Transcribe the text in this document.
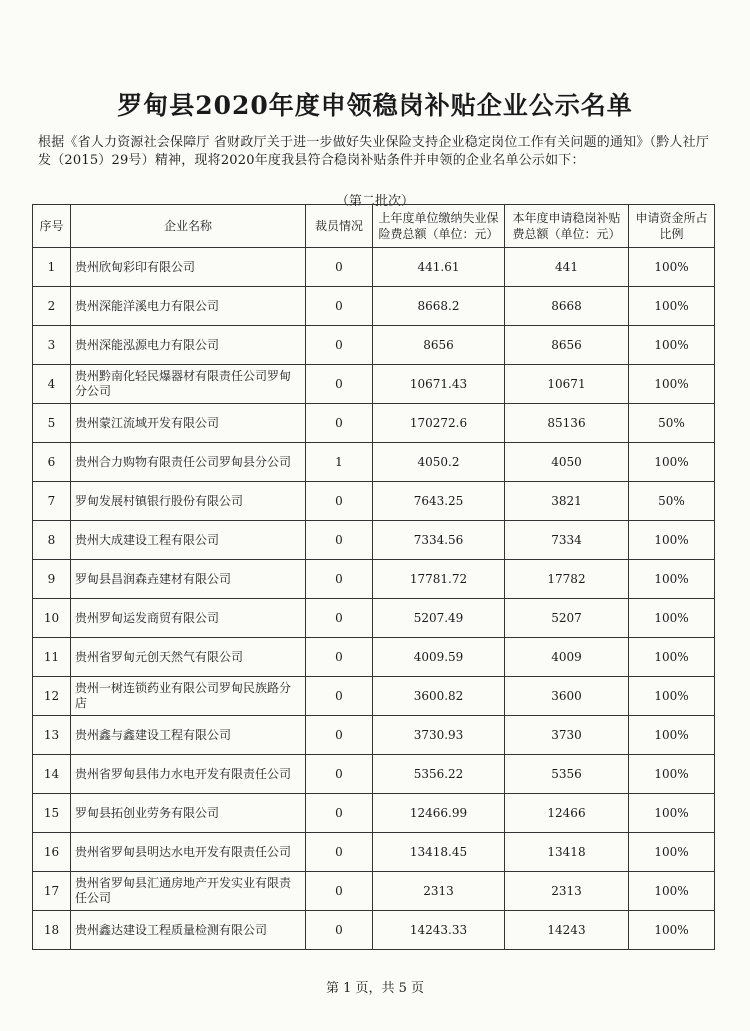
罗甸县2020年度申领稳岗补贴企业公示名单
根据《省人力资源社会保障厅 省财政厅关于进一步做好失业保险支持企业稳定岗位工作有关问题的通知》（黔人社厅发（2015）29号）精神，现将2020年度我县符合稳岗补贴条件并申领的企业名单公示如下：
（第二批次）
序号	企业名称	裁员情况	上年度单位缴纳失业保险费总额（单位：元）	本年度申请稳岗补贴费总额（单位：元）	申请资金所占比例
1	贵州欣甸彩印有限公司	0	441.61	441	100%
2	贵州深能洋溪电力有限公司	0	8668.2	8668	100%
3	贵州深能泓源电力有限公司	0	8656	8656	100%
4	贵州黔南化轻民爆器材有限责任公司罗甸分公司	0	10671.43	10671	100%
5	贵州蒙江流域开发有限公司	0	170272.6	85136	50%
6	贵州合力购物有限责任公司罗甸县分公司	1	4050.2	4050	100%
7	罗甸发展村镇银行股份有限公司	0	7643.25	3821	50%
8	贵州大成建设工程有限公司	0	7334.56	7334	100%
9	罗甸县昌润森垚建材有限公司	0	17781.72	17782	100%
10	贵州罗甸运发商贸有限公司	0	5207.49	5207	100%
11	贵州省罗甸元创天然气有限公司	0	4009.59	4009	100%
12	贵州一树连锁药业有限公司罗甸民族路分店	0	3600.82	3600	100%
13	贵州鑫与鑫建设工程有限公司	0	3730.93	3730	100%
14	贵州省罗甸县伟力水电开发有限责任公司	0	5356.22	5356	100%
15	罗甸县拓创业劳务有限公司	0	12466.99	12466	100%
16	贵州省罗甸县明达水电开发有限责任公司	0	13418.45	13418	100%
17	贵州省罗甸县汇通房地产开发实业有限责任公司	0	2313	2313	100%
18	贵州鑫达建设工程质量检测有限公司	0	14243.33	14243	100%
第 1 页，共 5 页
